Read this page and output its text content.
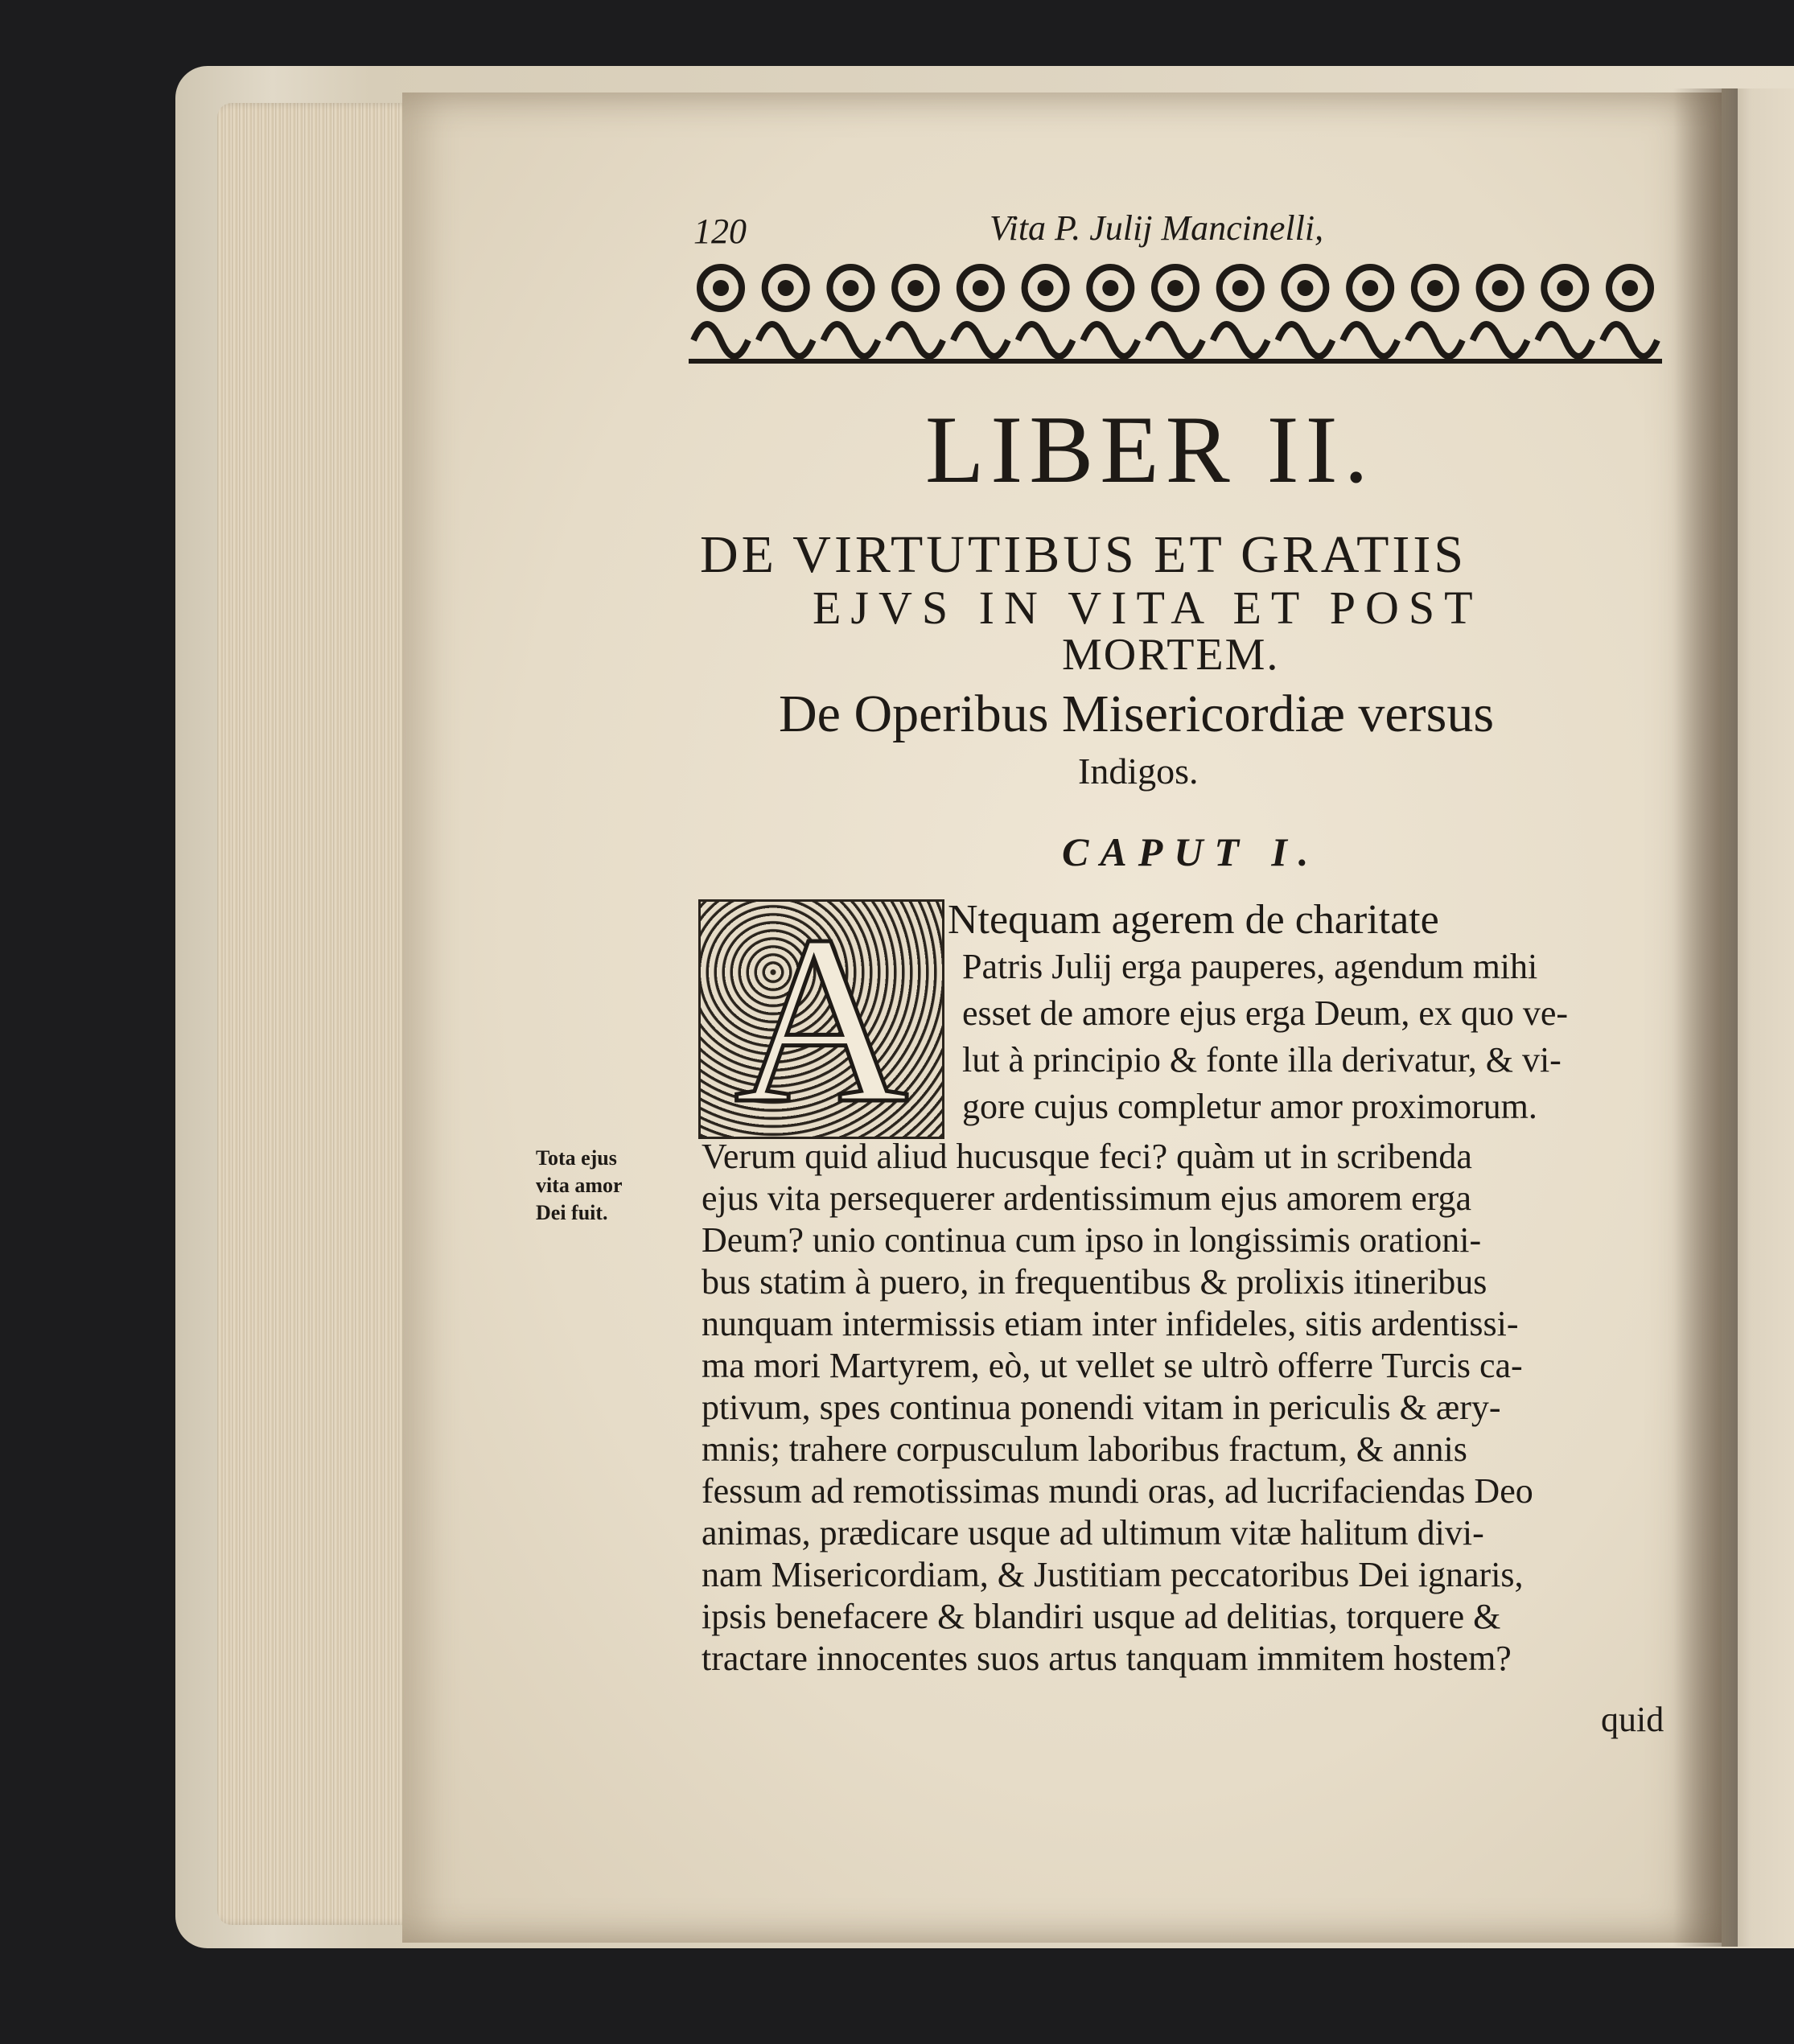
120	Vita P. Julij Mancinelli,
LIBER II.
DE VIRTUTIBUS ET GRATIIS
EJVS IN VITA ET POST
MORTEM.
De Operibus Misericordiæ versus
Indigos.
CAPUT I.
A Ntequam agerem de charitate
Patris Julij erga pauperes, agendum mihi
esset de amore ejus erga Deum, ex quo ve-
lut à principio & fonte illa derivatur, & vi-
gore cujus completur amor proximorum.
Verum quid aliud hucusque feci? quàm ut in scribenda
ejus vita persequerer ardentissimum ejus amorem erga
Deum? unio continua cum ipso in longissimis orationi-
bus statim à puero, in frequentibus & prolixis itineribus
nunquam intermissis etiam inter infideles, sitis ardentissi-
ma mori Martyrem, eò, ut vellet se ultrò offerre Turcis ca-
ptivum, spes continua ponendi vitam in periculis & ærу-
mnis; trahere corpusculum laboribus fractum, & annis
fessum ad remotissimas mundi oras, ad lucrifaciendas Deo
animas, prædicare usque ad ultimum vitæ halitum divi-
nam Misericordiam, & Justitiam peccatoribus Dei ignaris,
ipsis benefacere & blandiri usque ad delitias, torquere &
tractare innocentes suos artus tanquam immitem hostem?
quid
Tota ejus
vita amor
Dei fuit.
